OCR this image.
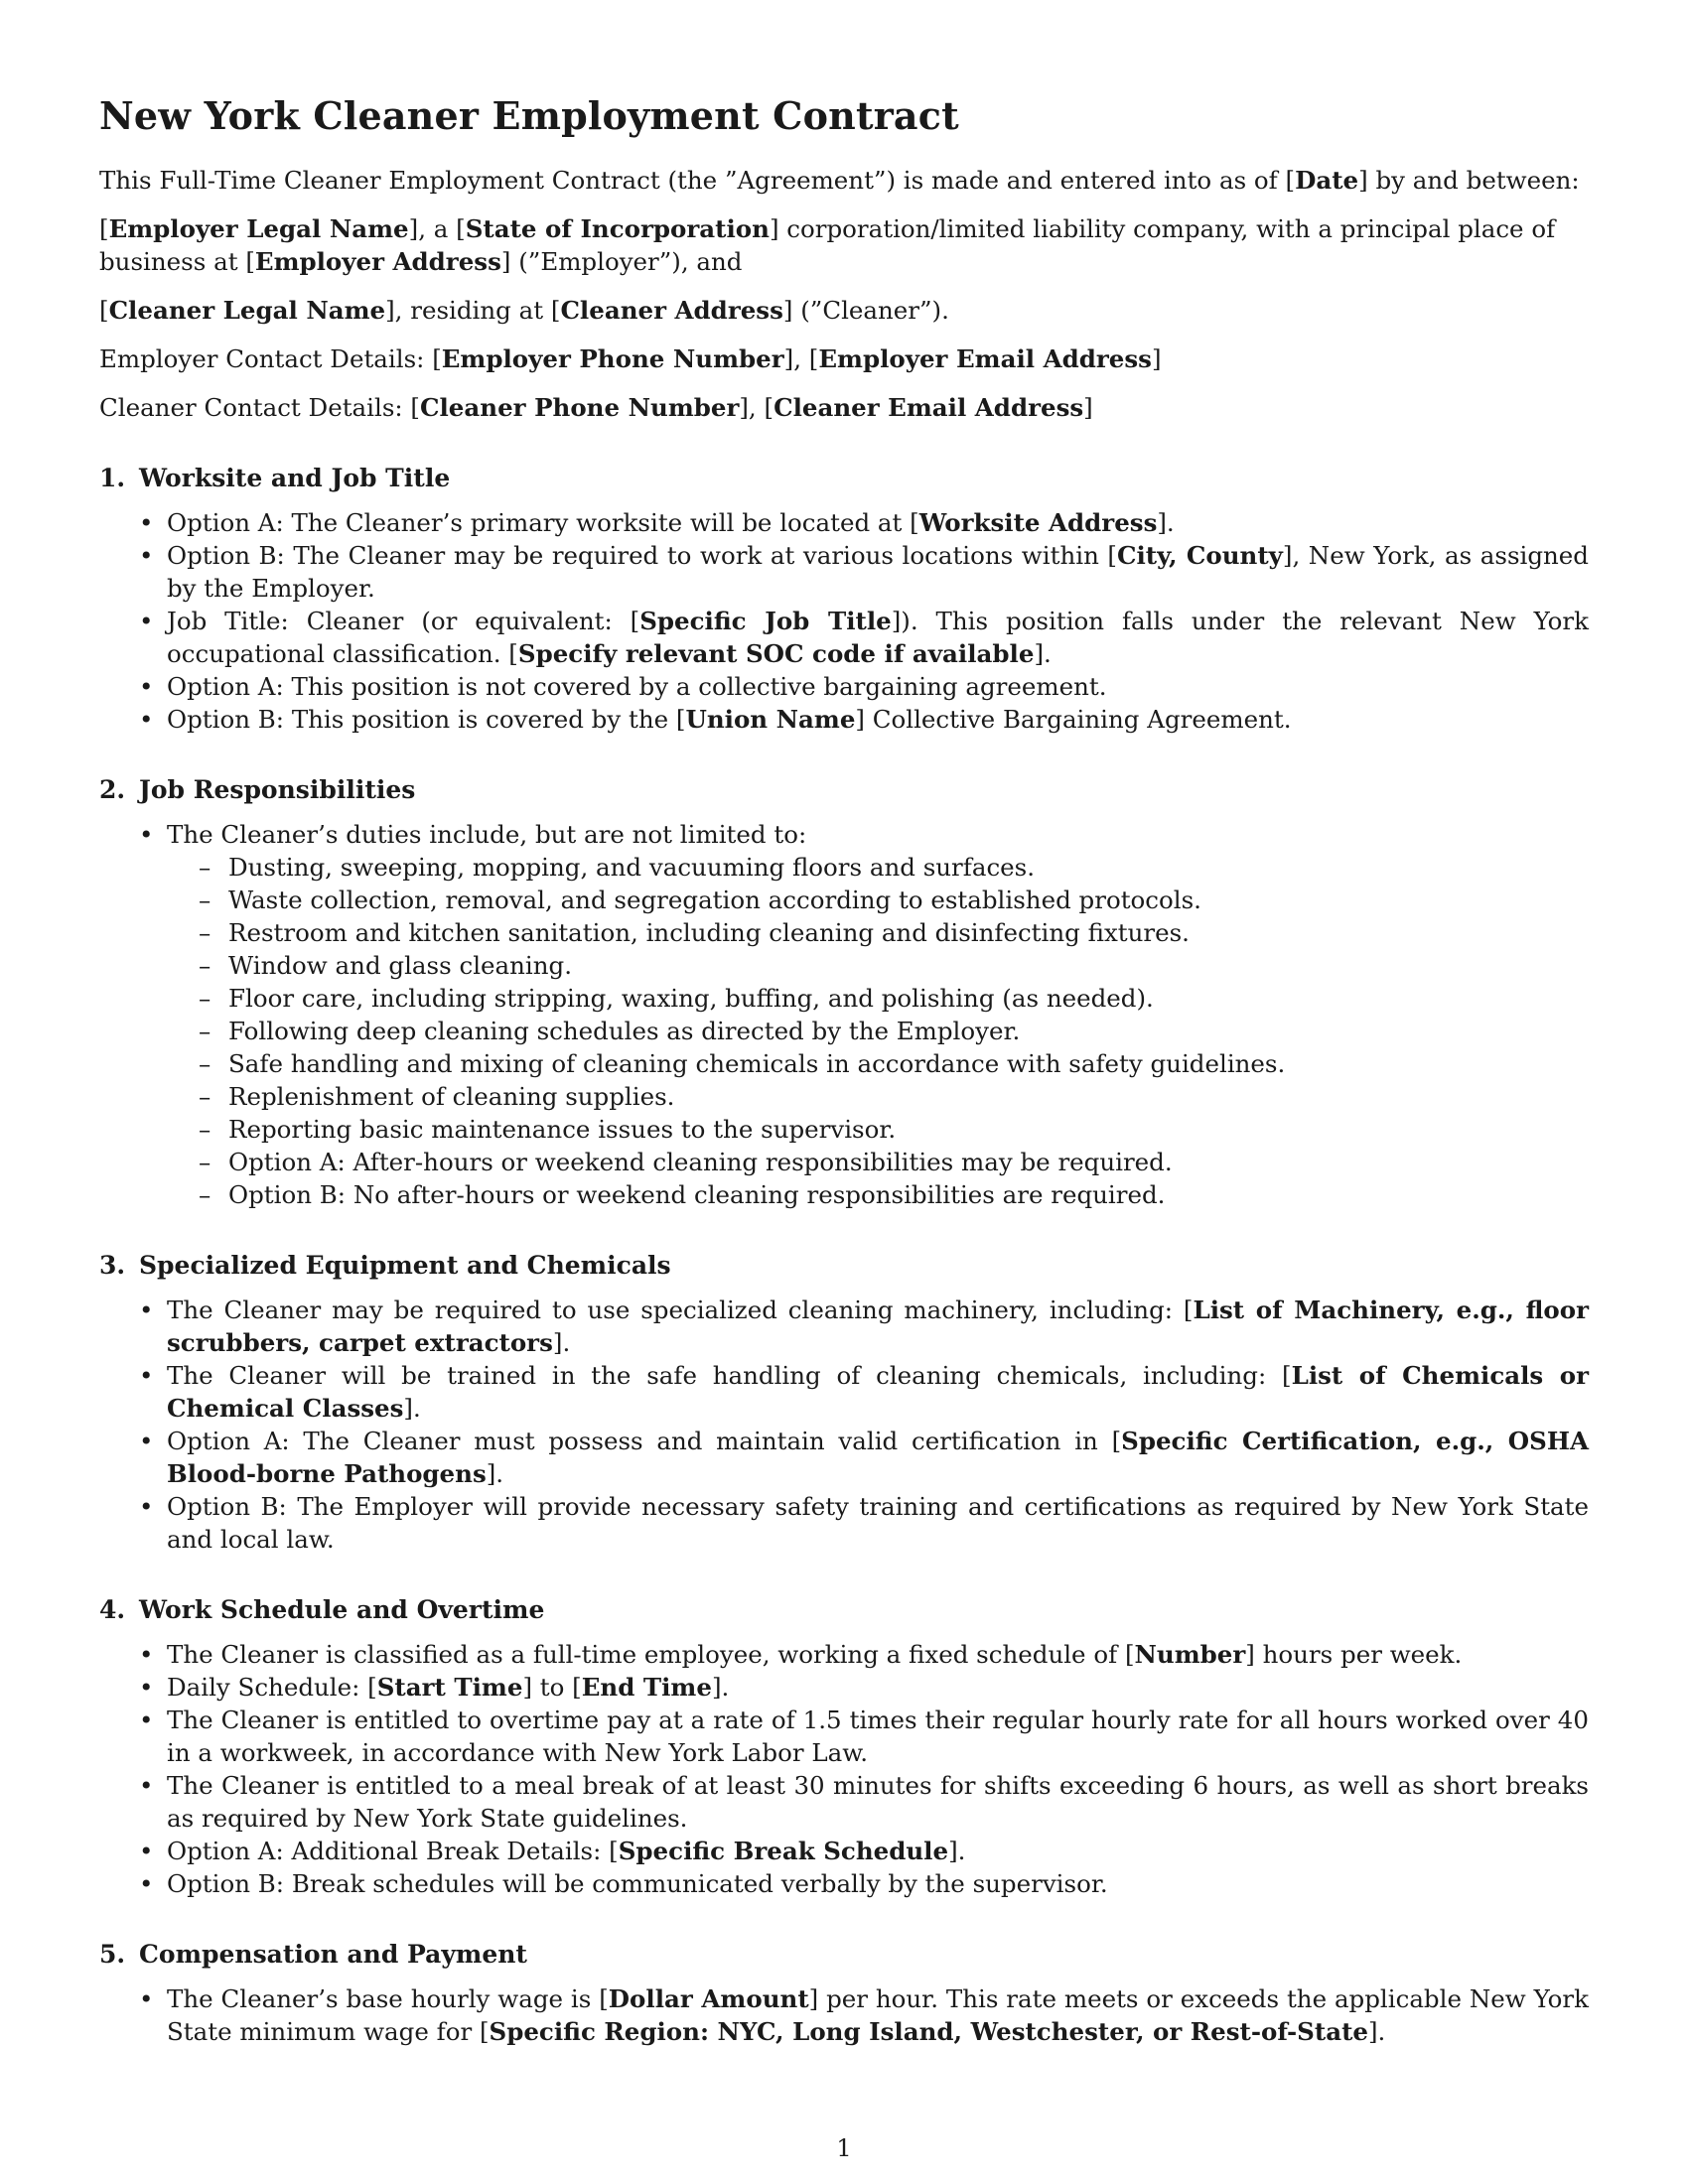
New York Cleaner Employment Contract

This Full-Time Cleaner Employment Contract (the ”Agreement”) is made and entered into as of [Date] by and between:

[Employer Legal Name], a [State of Incorporation] corporation/limited liability company, with a principal place of business at [Employer Address] (”Employer”), and

[Cleaner Legal Name], residing at [Cleaner Address] (”Cleaner”).

Employer Contact Details: [Employer Phone Number], [Employer Email Address]

Cleaner Contact Details: [Cleaner Phone Number], [Cleaner Email Address]

1. Worksite and Job Title
• Option A: The Cleaner’s primary worksite will be located at [Worksite Address].
• Option B: The Cleaner may be required to work at various locations within [City, County], New York, as assigned by the Employer.
• Job Title: Cleaner (or equivalent: [Specific Job Title]). This position falls under the relevant New York occupational classification. [Specify relevant SOC code if available].
• Option A: This position is not covered by a collective bargaining agreement.
• Option B: This position is covered by the [Union Name] Collective Bargaining Agreement.
2. Job Responsibilities
• The Cleaner’s duties include, but are not limited to:
– Dusting, sweeping, mopping, and vacuuming floors and surfaces.
– Waste collection, removal, and segregation according to established protocols.
– Restroom and kitchen sanitation, including cleaning and disinfecting fixtures.
– Window and glass cleaning.
– Floor care, including stripping, waxing, buffing, and polishing (as needed).
– Following deep cleaning schedules as directed by the Employer.
– Safe handling and mixing of cleaning chemicals in accordance with safety guidelines.
– Replenishment of cleaning supplies.
– Reporting basic maintenance issues to the supervisor.
– Option A: After-hours or weekend cleaning responsibilities may be required.
– Option B: No after-hours or weekend cleaning responsibilities are required.
3. Specialized Equipment and Chemicals
• The Cleaner may be required to use specialized cleaning machinery, including: [List of Machinery, e.g., floor scrubbers, carpet extractors].
• The Cleaner will be trained in the safe handling of cleaning chemicals, including: [List of Chemicals or Chemical Classes].
• Option A: The Cleaner must possess and maintain valid certification in [Specific Certification, e.g., OSHA Blood-borne Pathogens].
• Option B: The Employer will provide necessary safety training and certifications as required by New York State and local law.
4. Work Schedule and Overtime
• The Cleaner is classified as a full-time employee, working a fixed schedule of [Number] hours per week.
• Daily Schedule: [Start Time] to [End Time].
• The Cleaner is entitled to overtime pay at a rate of 1.5 times their regular hourly rate for all hours worked over 40 in a workweek, in accordance with New York Labor Law.
• The Cleaner is entitled to a meal break of at least 30 minutes for shifts exceeding 6 hours, as well as short breaks as required by New York State guidelines.
• Option A: Additional Break Details: [Specific Break Schedule].
• Option B: Break schedules will be communicated verbally by the supervisor.
5. Compensation and Payment
• The Cleaner’s base hourly wage is [Dollar Amount] per hour. This rate meets or exceeds the applicable New York State minimum wage for [Specific Region: NYC, Long Island, Westchester, or Rest-of-State].
1
